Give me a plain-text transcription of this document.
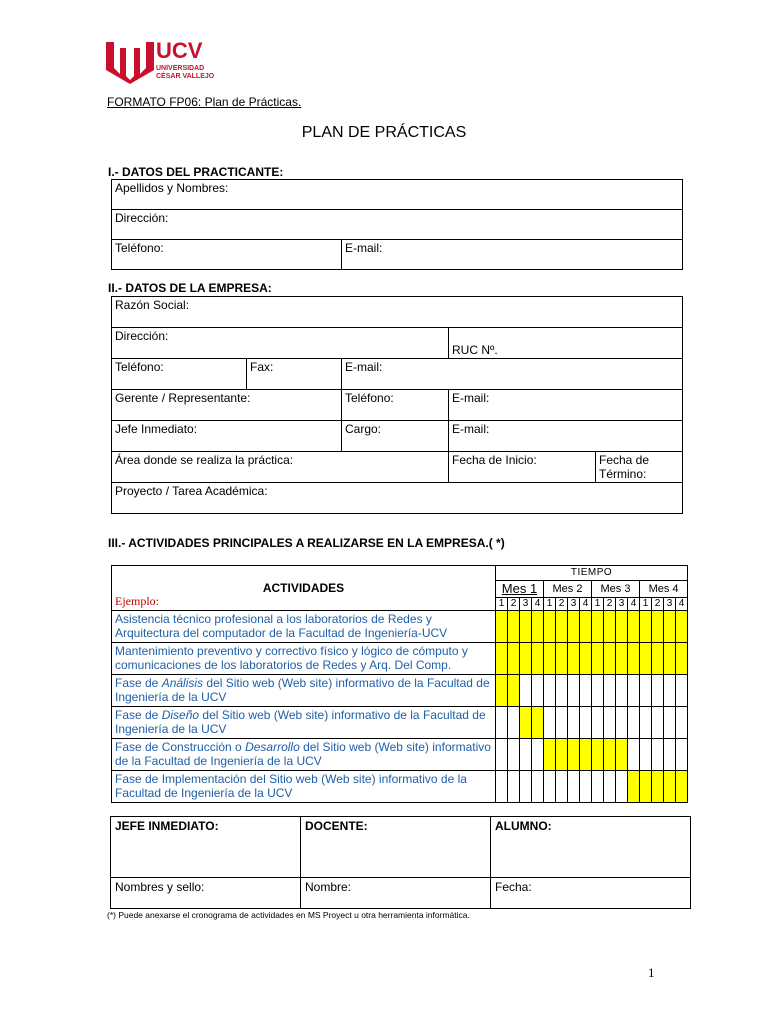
UCV
UNIVERSIDAD
CÉSAR VALLEJO
FORMATO FP06: Plan de Prácticas.
PLAN DE PRÁCTICAS
I.- DATOS DEL PRACTICANTE:
Apellidos y Nombres:
Dirección:
Teléfono:	E-mail:
II.- DATOS DE LA EMPRESA:
Razón Social:				
Dirección:			RUC Nº.	
Teléfono:	Fax:	E-mail:		
Gerente / Representante:		Teléfono:	E-mail:	
Jefe Inmediato:		Cargo:	E-mail:	
Área donde se realiza la práctica:			Fecha de Inicio:	Fecha de Término:
Proyecto / Tarea Académica:				
III.- ACTIVIDADES PRINCIPALES A REALIZARSE EN LA EMPRESA.( *)
ACTIVIDADES
Ejemplo:	TIEMPO															
	Mes 1				Mes 2				Mes 3				Mes 4			
	1	2	3	4	1	2	3	4	1	2	3	4	1	2	3	4
Asistencia técnico profesional a los laboratorios de Redes y Arquitectura del computador de la Facultad de Ingeniería-UCV																
Mantenimiento preventivo y correctivo físico y lógico de cómputo y comunicaciones de los laboratorios de Redes y Arq. Del Comp.																
Fase de Análisis del Sitio web (Web site) informativo de la Facultad de Ingeniería de la UCV																
Fase de Diseño del Sitio web (Web site) informativo de la Facultad de Ingeniería de la UCV																
Fase de Construcción o Desarrollo del Sitio web (Web site) informativo de la Facultad de Ingeniería de la UCV																
Fase de Implementación del Sitio web (Web site) informativo de la Facultad de Ingeniería de la UCV																
JEFE INMEDIATO:	DOCENTE:	ALUMNO:
Nombres y sello:	Nombre:	Fecha:
(*) Puede anexarse el cronograma de actividades en MS Proyect u otra herramienta informática.
1
